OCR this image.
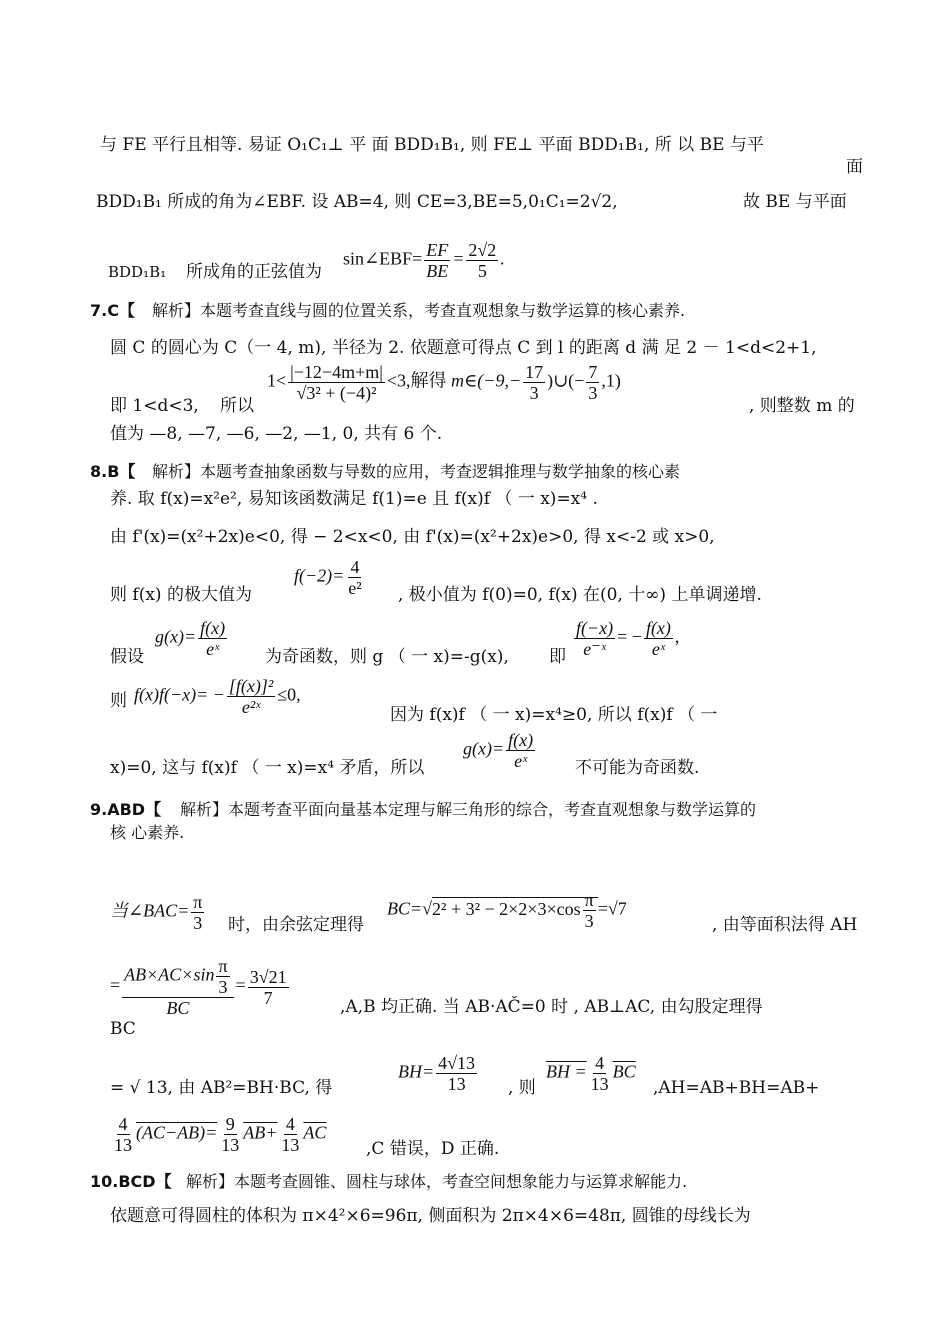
与 FE 平行且相等. 易证 O₁C₁⊥ 平 面 BDD₁B₁, 则 FE⊥ 平面 BDD₁B₁, 所 以 BE 与平
面
BDD₁B₁ 所成的角为∠EBF. 设 AB=4, 则 CE=3,BE=5,0₁C₁=2√2,	故 BE 与平面
BDD₁B₁ 所成角的正弦值为
sin∠EBF= $\frac{EF}{BE} = \frac{2√2}{5}$ .
7.C【 解析】本题考查直线与圆的位置关系，考查直观想象与数学运算的核心素养.
圆 C 的圆心为 C（一 4, m), 半径为 2. 依题意可得点 C 到 l 的距离 d 满 足 2 － 1<d<2+1,
$1< \frac{|-12-4m+m|}{\text{√3² + (−4)²}} <3$,解得 m∈(−9,− $\frac{17}{3}$ )∪(− $\frac{7}{3} ,1$)
即 1<d<3, 所以	, 则整数 m 的
值为 —8, —7, —6, —2, —1, 0, 共有 6 个.
8.B【 解析】本题考查抽象函数与导数的应用，考查逻辑推理与数学抽象的核心素
养. 取 f(x)=x²e², 易知该函数满足 f(1)=e 且 f(x)f （ 一 x)=x⁴ .
由 f'(x)=(x²+2x)e<0, 得 − 2<x<0, 由 f'(x)=(x²+2x)e>0, 得 x<-2 或 x>0,
则 f(x) 的极大值为
$f(-2)= \frac{4}{\text{e²}}$ , 极小值为 f(0)=0, f(x) 在(0, 十∞) 上单调递增.
假设
$g(x)= \frac{f(x)}{\text{eˣ}}$ 为奇函数，则 g （ 一 x)=-g(x), 即 $\frac{f(-x)}{\text{e⁻ˣ}}$ = − $\frac{f(x)}{\text{eˣ}}$ ,
则 $f(x)f(-x)= - \frac{\text{[f(x)]²}}{\text{e²ˣ}} \le 0$,
因为 f(x)f （ 一 x)=x⁴≥0, 所以 f(x)f （ 一
x)=0, 这与 f(x)f （ 一 x)=x⁴ 矛盾，所以
$g(x)= \frac{f(x)}{\text{eˣ}}$ 不可能为奇函数.
9.ABD【 解析】本题考查平面向量基本定理与解三角形的综合，考查直观想象与数学运算的
核 心素养.
当∠BAC= $\frac{\pi}{3}$ 时，由余弦定理得
$BC=√2^2 + 3^2 - 2\times 2\times 3\times\cos \frac{\pi}{3} =√7$
, 由等面积法得 AH
= $\frac{AB\times AC\times\sin \frac{\pi}{3}}{BC} = \frac{3√21}{7}$	,A,B 均正确. 当 AB·AČ=0 时 , AB⊥AC, 由勾股定理得
BC
= √ 13, 由 AB²=BH·BC, 得
$BH= \frac{4√13}{13}$ , 则
BH = $\frac{4}{13} \overline{BC}$
,AH=AB+BH=AB+
$\frac{4}{13} (AC-AB)= \frac{9}{13} AB+ \frac{4}{13} \overline{AC}$
,C 错误，D 正确.
10.BCD【 解析】本题考查圆锥、圆柱与球体，考查空间想象能力与运算求解能力.
依题意可得圆柱的体积为 π×4²×6=96π, 侧面积为 2π×4×6=48π, 圆锥的母线长为
